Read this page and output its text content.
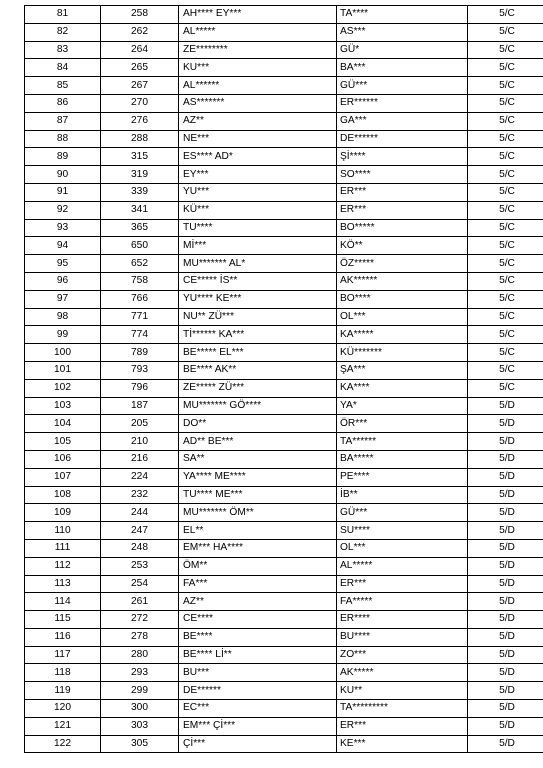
81	258	AH**** EY***	TA****	5/C
82	262	AL*****	AS***	5/C
83	264	ZE********	GÜ*	5/C
84	265	KU***	BA***	5/C
85	267	AL******	GÜ***	5/C
86	270	AS*******	ER******	5/C
87	276	AZ**	GA***	5/C
88	288	NE***	DE******	5/C
89	315	ES**** AD*	Şİ****	5/C
90	319	EY***	SO****	5/C
91	339	YU***	ER***	5/C
92	341	KÜ***	ER***	5/C
93	365	TU****	BO*****	5/C
94	650	Mİ***	KÖ**	5/C
95	652	MU******* AL*	ÖZ*****	5/C
96	758	CE***** İS**	AK******	5/C
97	766	YU**** KE***	BO****	5/C
98	771	NU** ZÜ***	OL***	5/C
99	774	Tİ****** KA***	KA*****	5/C
100	789	BE***** EL***	KÜ*******	5/C
101	793	BE**** AK**	ŞA***	5/C
102	796	ZE***** ZÜ***	KA****	5/C
103	187	MU******* GÖ****	YA*	5/D
104	205	DO**	ÖR***	5/D
105	210	AD** BE***	TA******	5/D
106	216	SA**	BA*****	5/D
107	224	YA**** ME****	PE****	5/D
108	232	TU**** ME***	İB**	5/D
109	244	MU******* ÖM**	GÜ***	5/D
110	247	EL**	SU****	5/D
111	248	EM*** HA****	OL***	5/D
112	253	ÖM**	AL*****	5/D
113	254	FA***	ER***	5/D
114	261	AZ**	FA*****	5/D
115	272	CE****	ER****	5/D
116	278	BE****	BU****	5/D
117	280	BE**** Lİ**	ZO***	5/D
118	293	BU***	AK*****	5/D
119	299	DE******	KU**	5/D
120	300	EC***	TA*********	5/D
121	303	EM*** Çİ***	ER***	5/D
122	305	Çİ***	KE***	5/D
